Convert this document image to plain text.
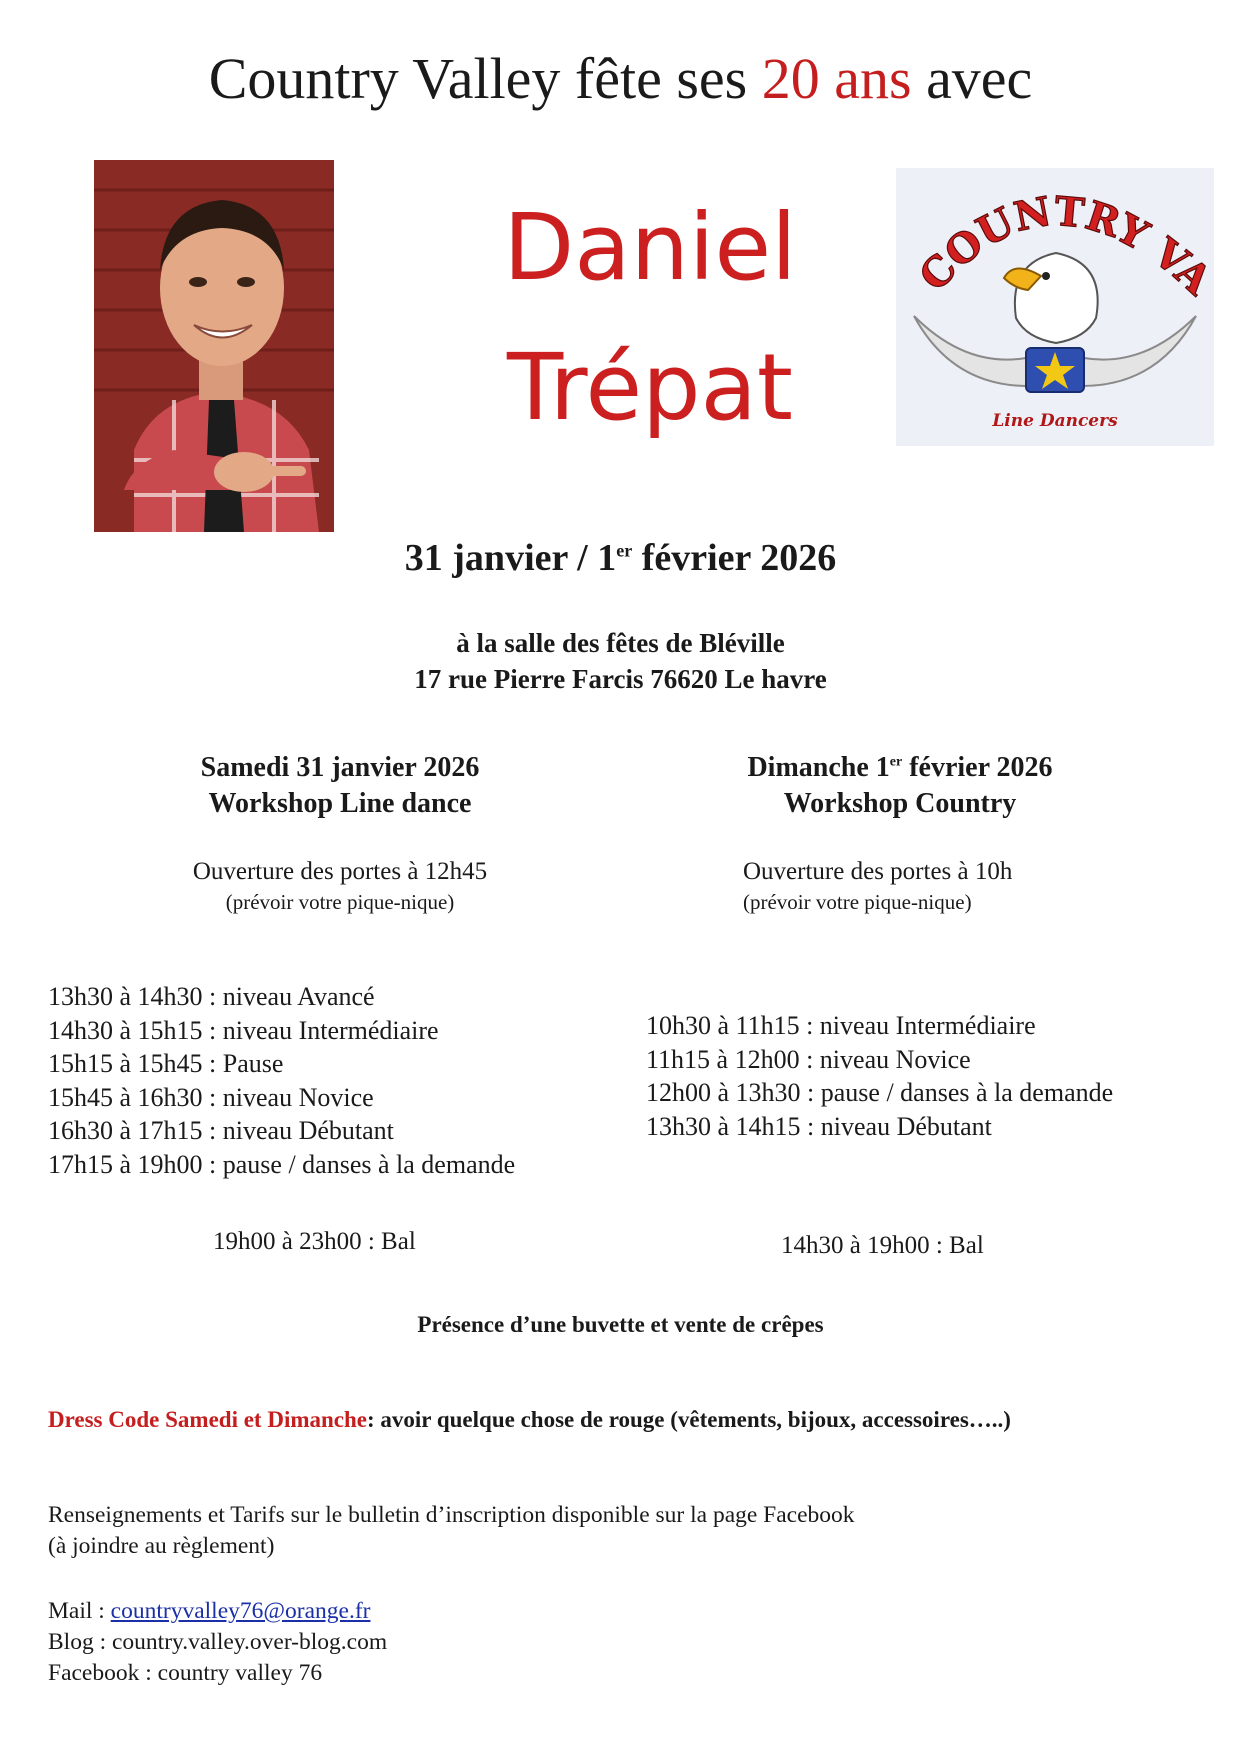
Country Valley fête ses 20 ans avec
Daniel
Trépat
COUNTRY V
Line Dancers
31 janvier / 1er février 2026
à la salle des fêtes de Bléville
17 rue Pierre Farcis 76620 Le havre
Samedi 31 janvier 2026
Workshop Line dance
Ouverture des portes à 12h45
(prévoir votre pique-nique)
13h30 à 14h30 : niveau Avancé
14h30 à 15h15 : niveau Intermédiaire
15h15 à 15h45 : Pause
15h45 à 16h30 : niveau Novice
16h30 à 17h15 : niveau Débutant
17h15 à 19h00 : pause / danses à la demande
19h00 à 23h00 : Bal
Dimanche 1er février 2026
Workshop Country
Ouverture des portes à 10h
(prévoir votre pique-nique)
10h30 à 11h15 : niveau Intermédiaire
11h15 à 12h00 : niveau Novice
12h00 à 13h30 : pause / danses à la demande
13h30 à 14h15 : niveau Débutant
14h30 à 19h00 : Bal
Présence d’une buvette et vente de crêpes
Dress Code Samedi et Dimanche: avoir quelque chose de rouge (vêtements, bijoux, accessoires…..)
Renseignements et Tarifs sur le bulletin d’inscription disponible sur la page Facebook
(à joindre au règlement)
Mail : countryvalley76@orange.fr
Blog : country.valley.over-blog.com
Facebook : country valley 76
